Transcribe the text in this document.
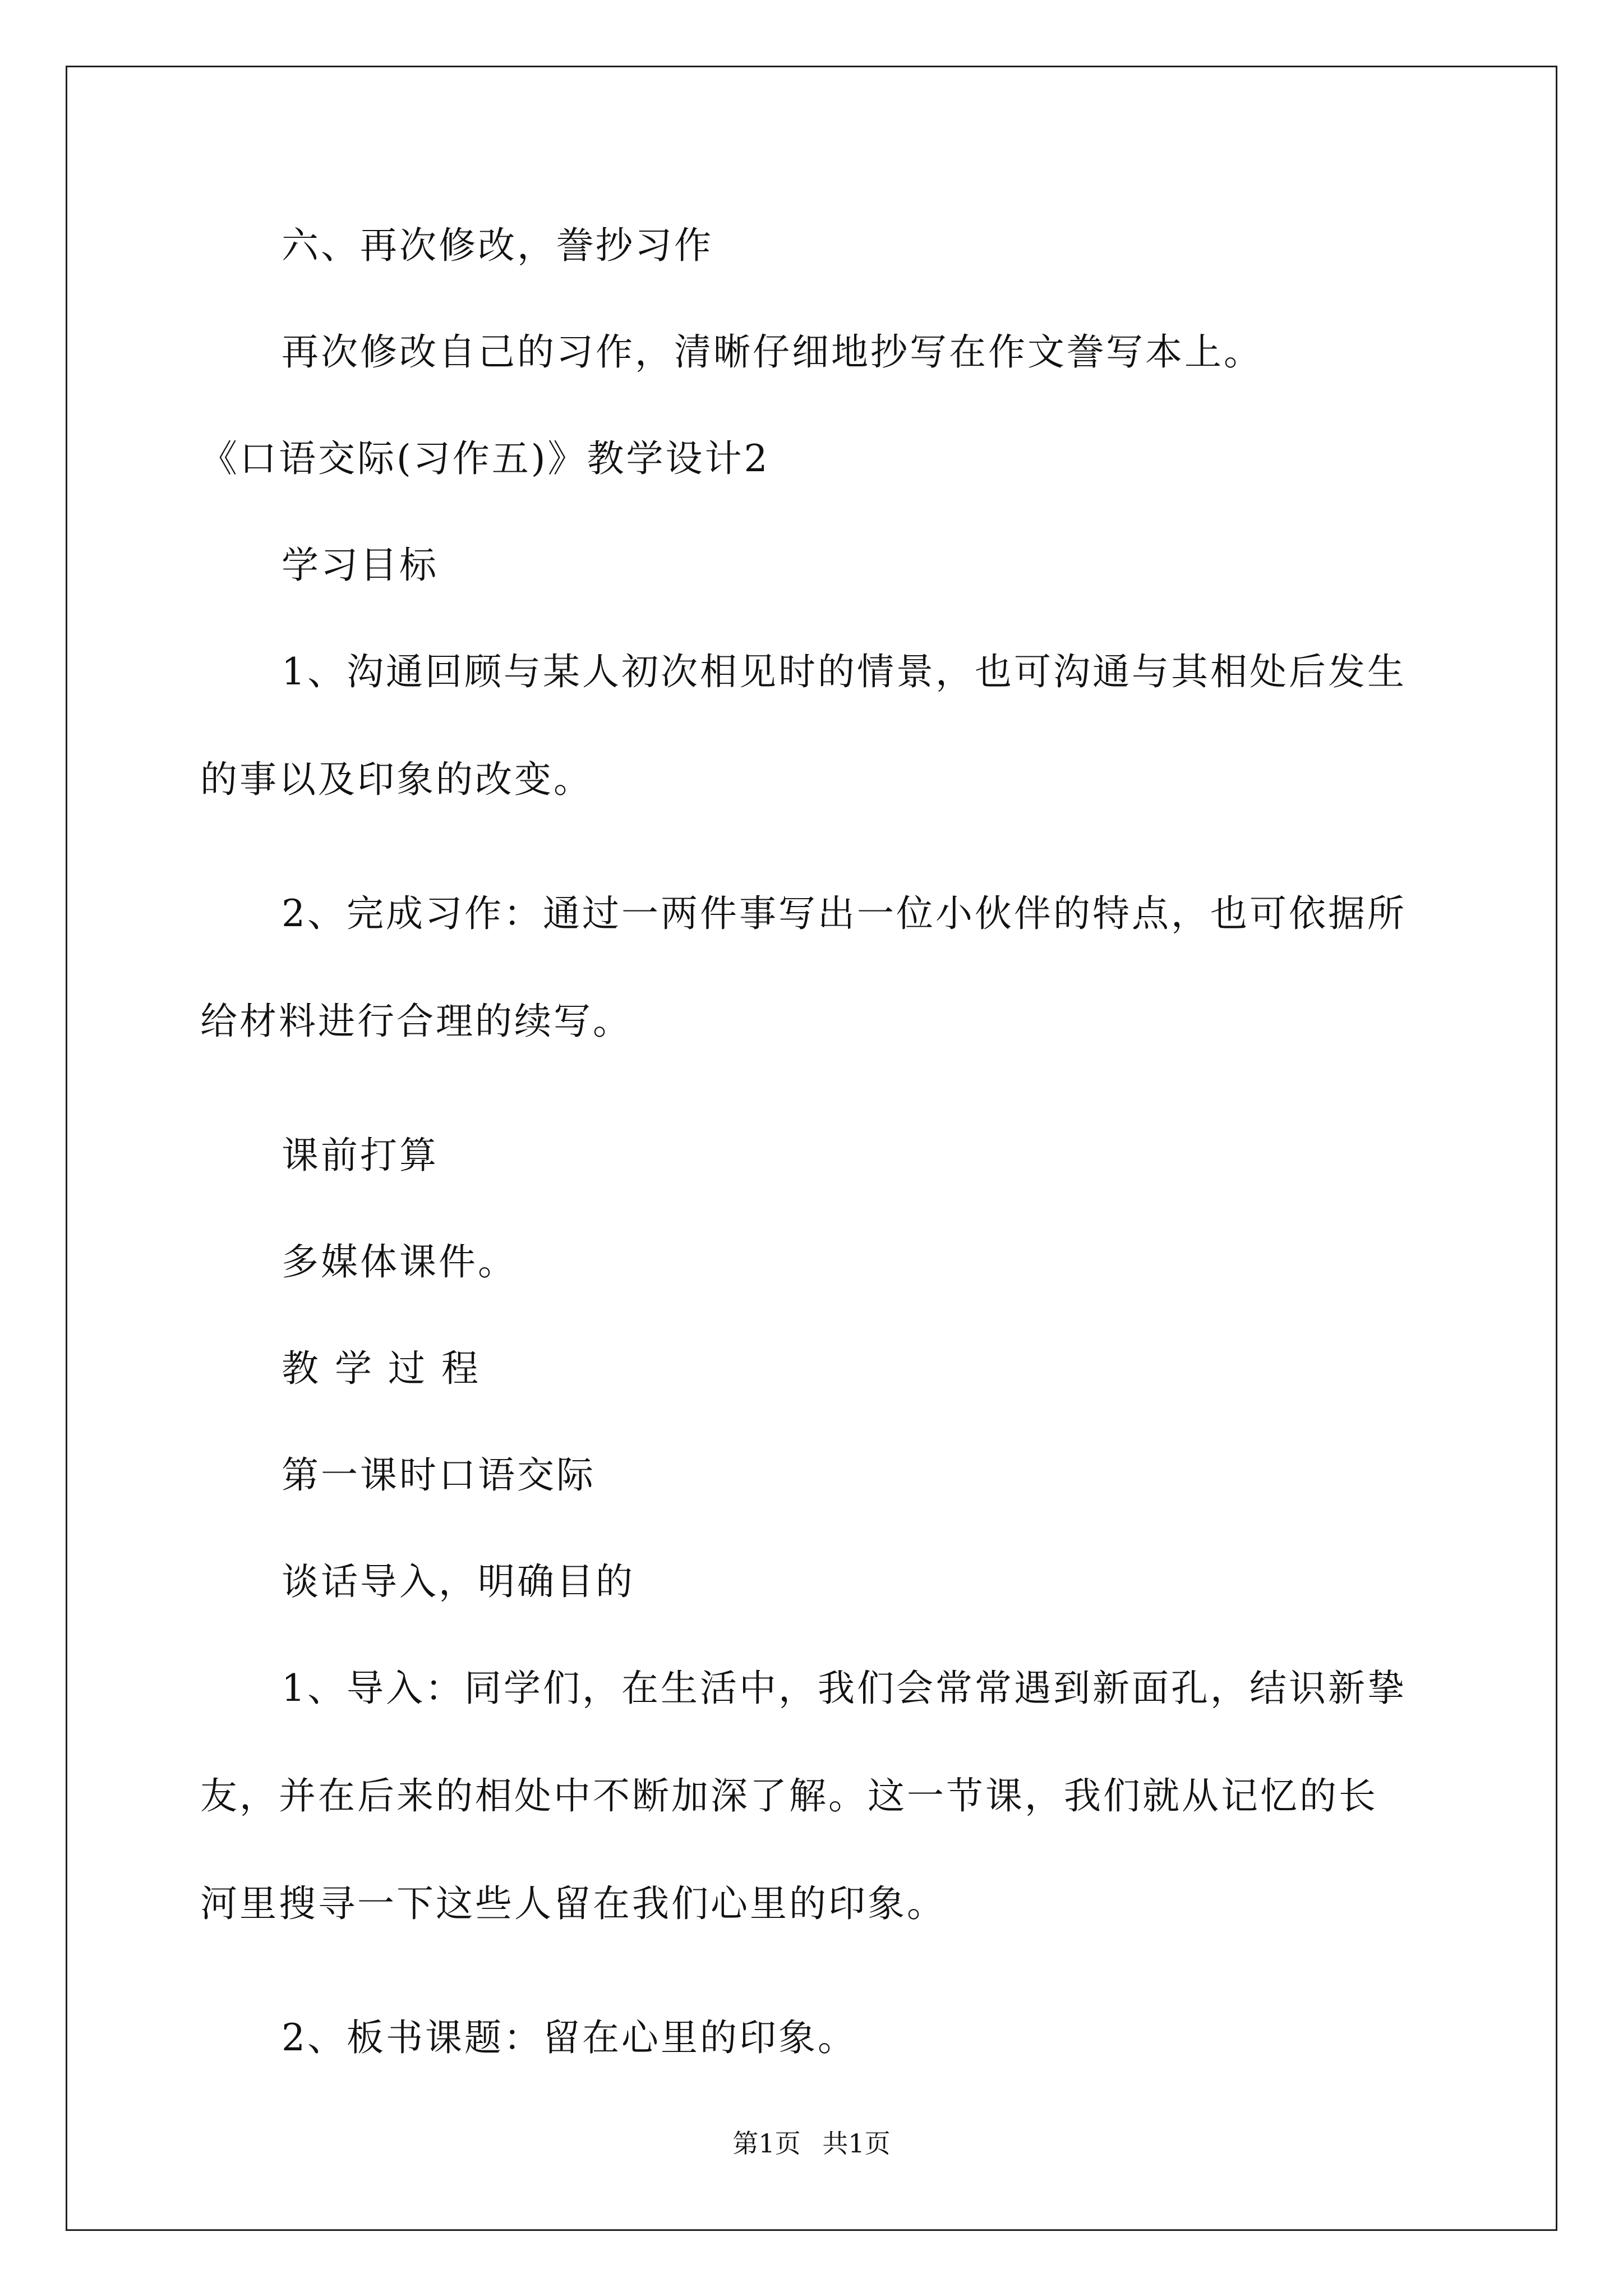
六、再次修改，誊抄习作
再次修改自己的习作，清晰仔细地抄写在作文誊写本上。
《口语交际(习作五)》教学设计2
学习目标
1、沟通回顾与某人初次相见时的情景，也可沟通与其相处后发生
的事以及印象的改变。
2、完成习作：通过一两件事写出一位小伙伴的特点，也可依据所
给材料进行合理的续写。
课前打算
多媒体课件。
教 学 过 程
第一课时口语交际
谈话导入，明确目的
1、导入：同学们，在生活中，我们会常常遇到新面孔，结识新挚
友，并在后来的相处中不断加深了解。这一节课，我们就从记忆的长
河里搜寻一下这些人留在我们心里的印象。
2、板书课题：留在心里的印象。
第1页 共1页
